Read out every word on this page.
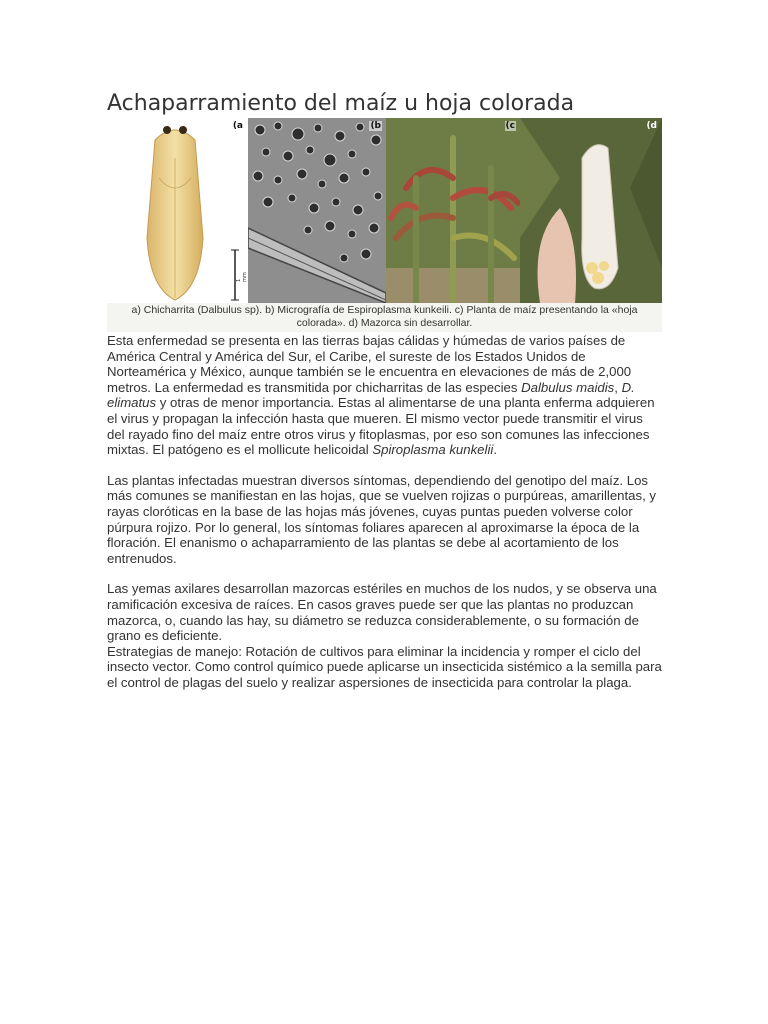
Achaparramiento del maíz u hoja colorada
1 mm
(a	(b	(c	(d
a) Chicharrita (Dalbulus sp). b) Micrografía de Espiroplasma kunkeili. c) Planta de maíz presentando la «hoja colorada». d) Mazorca sin desarrollar.

Esta enfermedad se presenta en las tierras bajas cálidas y húmedas de varios países de América Central y América del Sur, el Caribe, el sureste de los Estados Unidos de Norteamérica y México, aunque también se le encuentra en elevaciones de más de 2,000 metros. La enfermedad es transmitida por chicharritas de las especies Dalbulus maidis, D. elimatus y otras de menor importancia. Estas al alimentarse de una planta enferma adquieren el virus y propagan la infección hasta que mueren. El mismo vector puede transmitir el virus del rayado fino del maíz entre otros virus y fitoplasmas, por eso son comunes las infecciones mixtas. El patógeno es el mollicute helicoidal Spiroplasma kunkelii.

Las plantas infectadas muestran diversos síntomas, dependiendo del genotipo del maíz. Los más comunes se manifiestan en las hojas, que se vuelven rojizas o purpúreas, amarillentas, y rayas cloróticas en la base de las hojas más jóvenes, cuyas puntas pueden volverse color púrpura rojizo. Por lo general, los síntomas foliares aparecen al aproximarse la época de la floración. El enanismo o achaparramiento de las plantas se debe al acortamiento de los entrenudos.

Las yemas axilares desarrollan mazorcas estériles en muchos de los nudos, y se observa una ramificación excesiva de raíces. En casos graves puede ser que las plantas no produzcan mazorca, o, cuando las hay, su diámetro se reduzca considerablemente, o su formación de grano es deficiente.

Estrategias de manejo: Rotación de cultivos para eliminar la incidencia y romper el ciclo del insecto vector. Como control químico puede aplicarse un insecticida sistémico a la semilla para el control de plagas del suelo y realizar aspersiones de insecticida para controlar la plaga.
